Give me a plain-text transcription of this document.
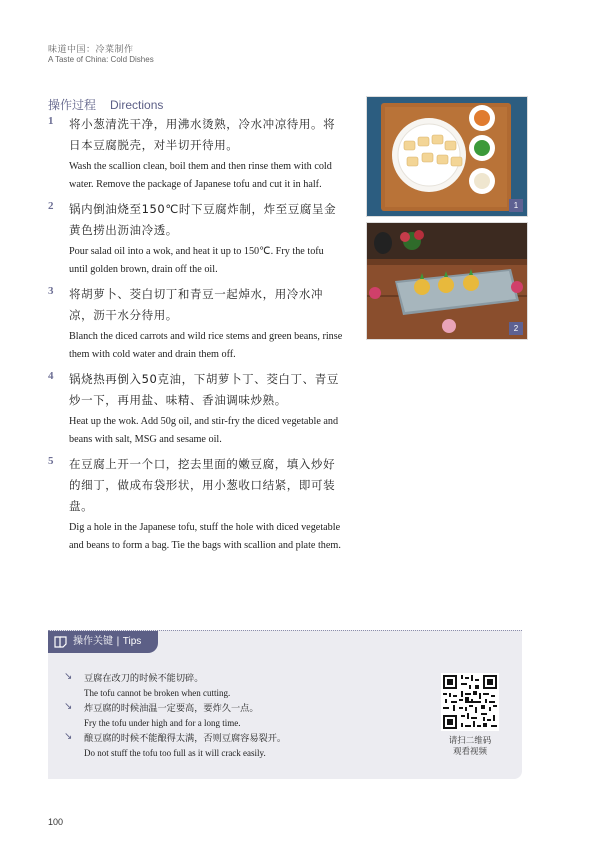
味道中国：冷菜制作
A Taste of China: Cold Dishes
操作过程 Directions
1 将小葱清洗干净，用沸水烫熟，冷水冲凉待用。将日本豆腐脱壳，对半切开待用。
Wash the scallion clean, boil them and then rinse them with cold water. Remove the package of Japanese tofu and cut it in half.
2 锅内倒油烧至150℃时下豆腐炸制，炸至豆腐呈金黄色捞出沥油冷透。
Pour salad oil into a wok, and heat it up to 150℃. Fry the tofu until golden brown, drain off the oil.
3 将胡萝卜、茭白切丁和青豆一起焯水，用冷水冲凉，沥干水分待用。
Blanch the diced carrots and wild rice stems and green beans, rinse them with cold water and drain them off.
4 锅烧热再倒入50克油，下胡萝卜丁、茭白丁、青豆炒一下，再用盐、味精、香油调味炒熟。
Heat up the wok. Add 50g oil, and stir-fry the diced vegetable and beans with salt, MSG and sesame oil.
5 在豆腐上开一个口，挖去里面的嫩豆腐，填入炒好的细丁，做成布袋形状，用小葱收口结紧，即可装盘。
Dig a hole in the Japanese tofu, stuff the hole with diced vegetable and beans to form a bag. Tie the bags with scallion and plate them.
1
2
操作关键 | Tips
↘ 豆腐在改刀的时候不能切碎。
The tofu cannot be broken when cutting.
↘ 炸豆腐的时候油温一定要高，要炸久一点。
Fry the tofu under high and for a long time.
↘ 酿豆腐的时候不能酿得太满，否则豆腐容易裂开。
Do not stuff the tofu too full as it will crack easily.
请扫二维码
观看视频
100
